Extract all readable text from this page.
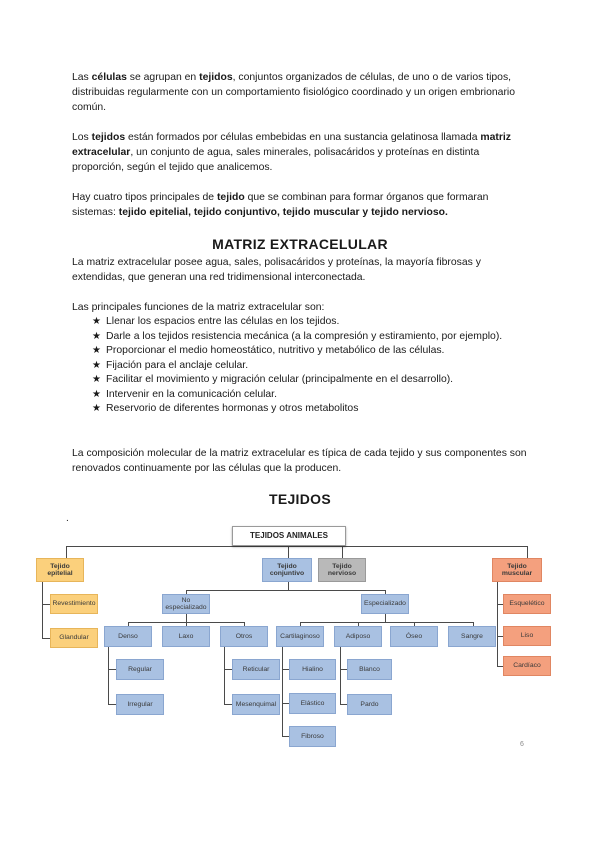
Las células se agrupan en tejidos, conjuntos organizados de células, de uno o de varios tipos, distribuidas regularmente con un comportamiento fisiológico coordinado y un origen embrionario común.

Los tejidos están formados por células embebidas en una sustancia gelatinosa llamada matriz extracelular, un conjunto de agua, sales minerales, polisacáridos y proteínas en distinta proporción, según el tejido que analicemos.

Hay cuatro tipos principales de tejido que se combinan para formar órganos que formaran sistemas: tejido epitelial, tejido conjuntivo, tejido muscular y tejido nervioso.

MATRIZ EXTRACELULAR

La matriz extracelular posee agua, sales, polisacáridos y proteínas, la mayoría fibrosas y extendidas, que generan una red tridimensional interconectada.

Las principales funciones de la matriz extracelular son:

★ Llenar los espacios entre las células en los tejidos.
★ Darle a los tejidos resistencia mecánica (a la compresión y estiramiento, por ejemplo).
★ Proporcionar el medio homeostático, nutritivo y metabólico de las células.
★ Fijación para el anclaje celular.
★ Facilitar el movimiento y migración celular (principalmente en el desarrollo).
★ Intervenir en la comunicación celular.
★ Reservorio de diferentes hormonas y otros metabolitos

La composición molecular de la matriz extracelular es típica de cada tejido y sus componentes son renovados continuamente por las células que la producen.

TEJIDOS
.
TEJIDOS ANIMALES
Tejido epitelial
Revestimiento
Glandular
Tejido conjuntivo
Tejido nervioso
Tejido muscular
Esquelético
Liso
Cardíaco
No especializado
Especializado
Denso	Laxo	Otros
Regular
Irregular
Reticular
Mesenquimal
Cartilaginoso
Hialino
Elástico
Fibroso
Adiposo
Blanco
Pardo
Óseo	Sangre
6
